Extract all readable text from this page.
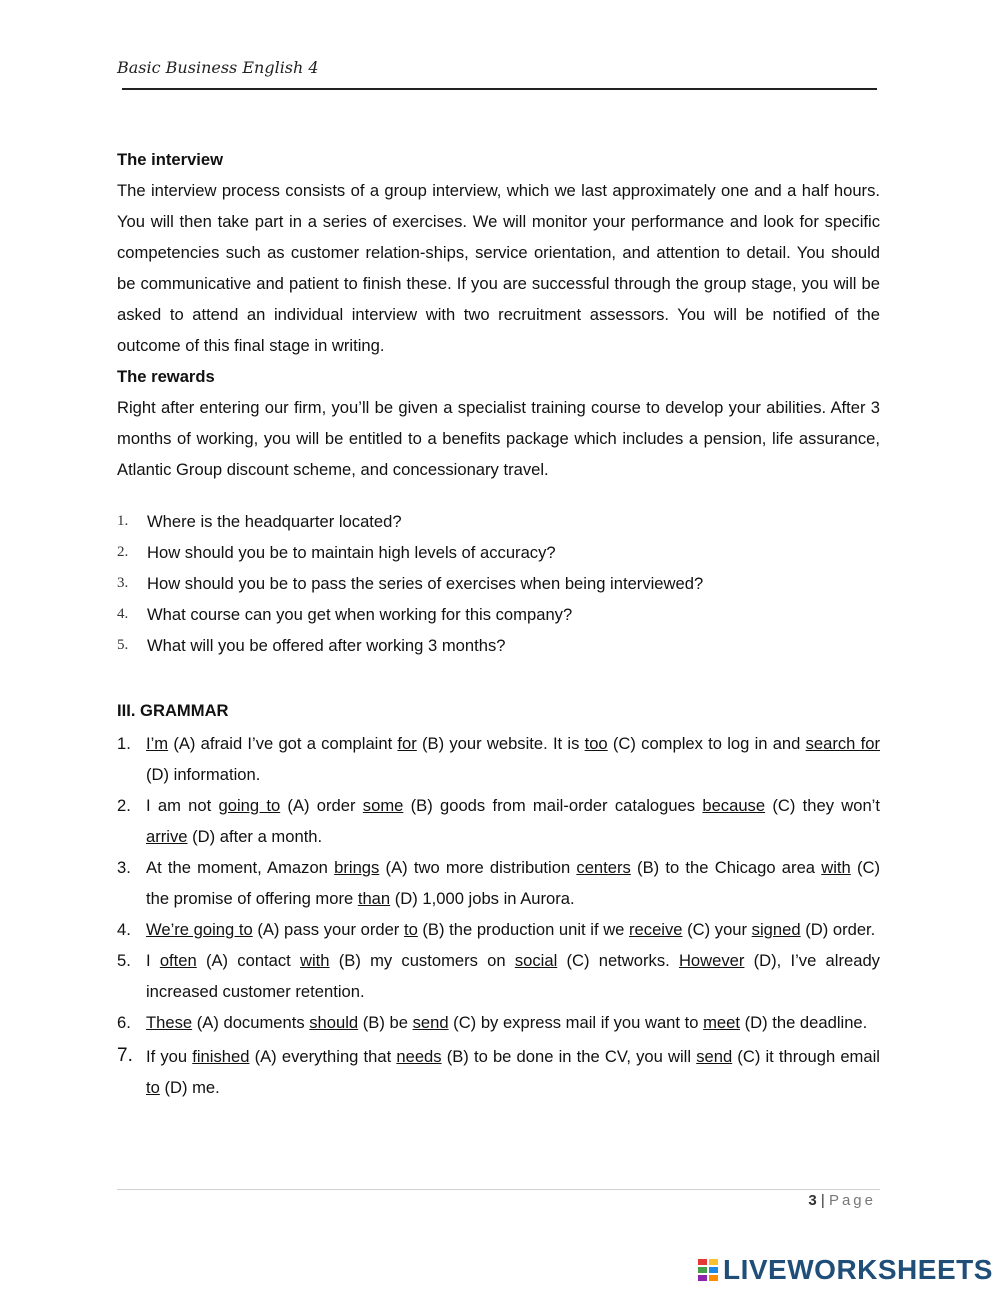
Basic Business English 4

The interview

The interview process consists of a group interview, which we last approximately one and a half hours. You will then take part in a series of exercises. We will monitor your performance and look for specific competencies such as customer relation-ships, service orientation, and attention to detail. You should be communicative and patient to finish these. If you are successful through the group stage, you will be asked to attend an individual interview with two recruitment assessors. You will be notified of the outcome of this final stage in writing.

The rewards

Right after entering our firm, you’ll be given a specialist training course to develop your abilities. After 3 months of working, you will be entitled to a benefits package which includes a pension, life assurance, Atlantic Group discount scheme, and concessionary travel.

1. Where is the headquarter located?
2. How should you be to maintain high levels of accuracy?
3. How should you be to pass the series of exercises when being interviewed?
4. What course can you get when working for this company?
5. What will you be offered after working 3 months?

III. GRAMMAR

1. I’m (A) afraid I’ve got a complaint for (B) your website. It is too (C) complex to log in and search for (D) information.
2. I am not going to (A) order some (B) goods from mail-order catalogues because (C) they won’t arrive (D) after a month.
3. At the moment, Amazon brings (A) two more distribution centers (B) to the Chicago area with (C) the promise of offering more than (D) 1,000 jobs in Aurora.
4. We’re going to (A) pass your order to (B) the production unit if we receive (C) your signed (D) order.
5. I often (A) contact with (B) my customers on social (C) networks. However (D), I’ve already increased customer retention.
6. These (A) documents should (B) be send (C) by express mail if you want to meet (D) the deadline.
7. If you finished (A) everything that needs (B) to be done in the CV, you will send (C) it through email to (D) me.
3 | Page
LIVEWORKSHEETS
